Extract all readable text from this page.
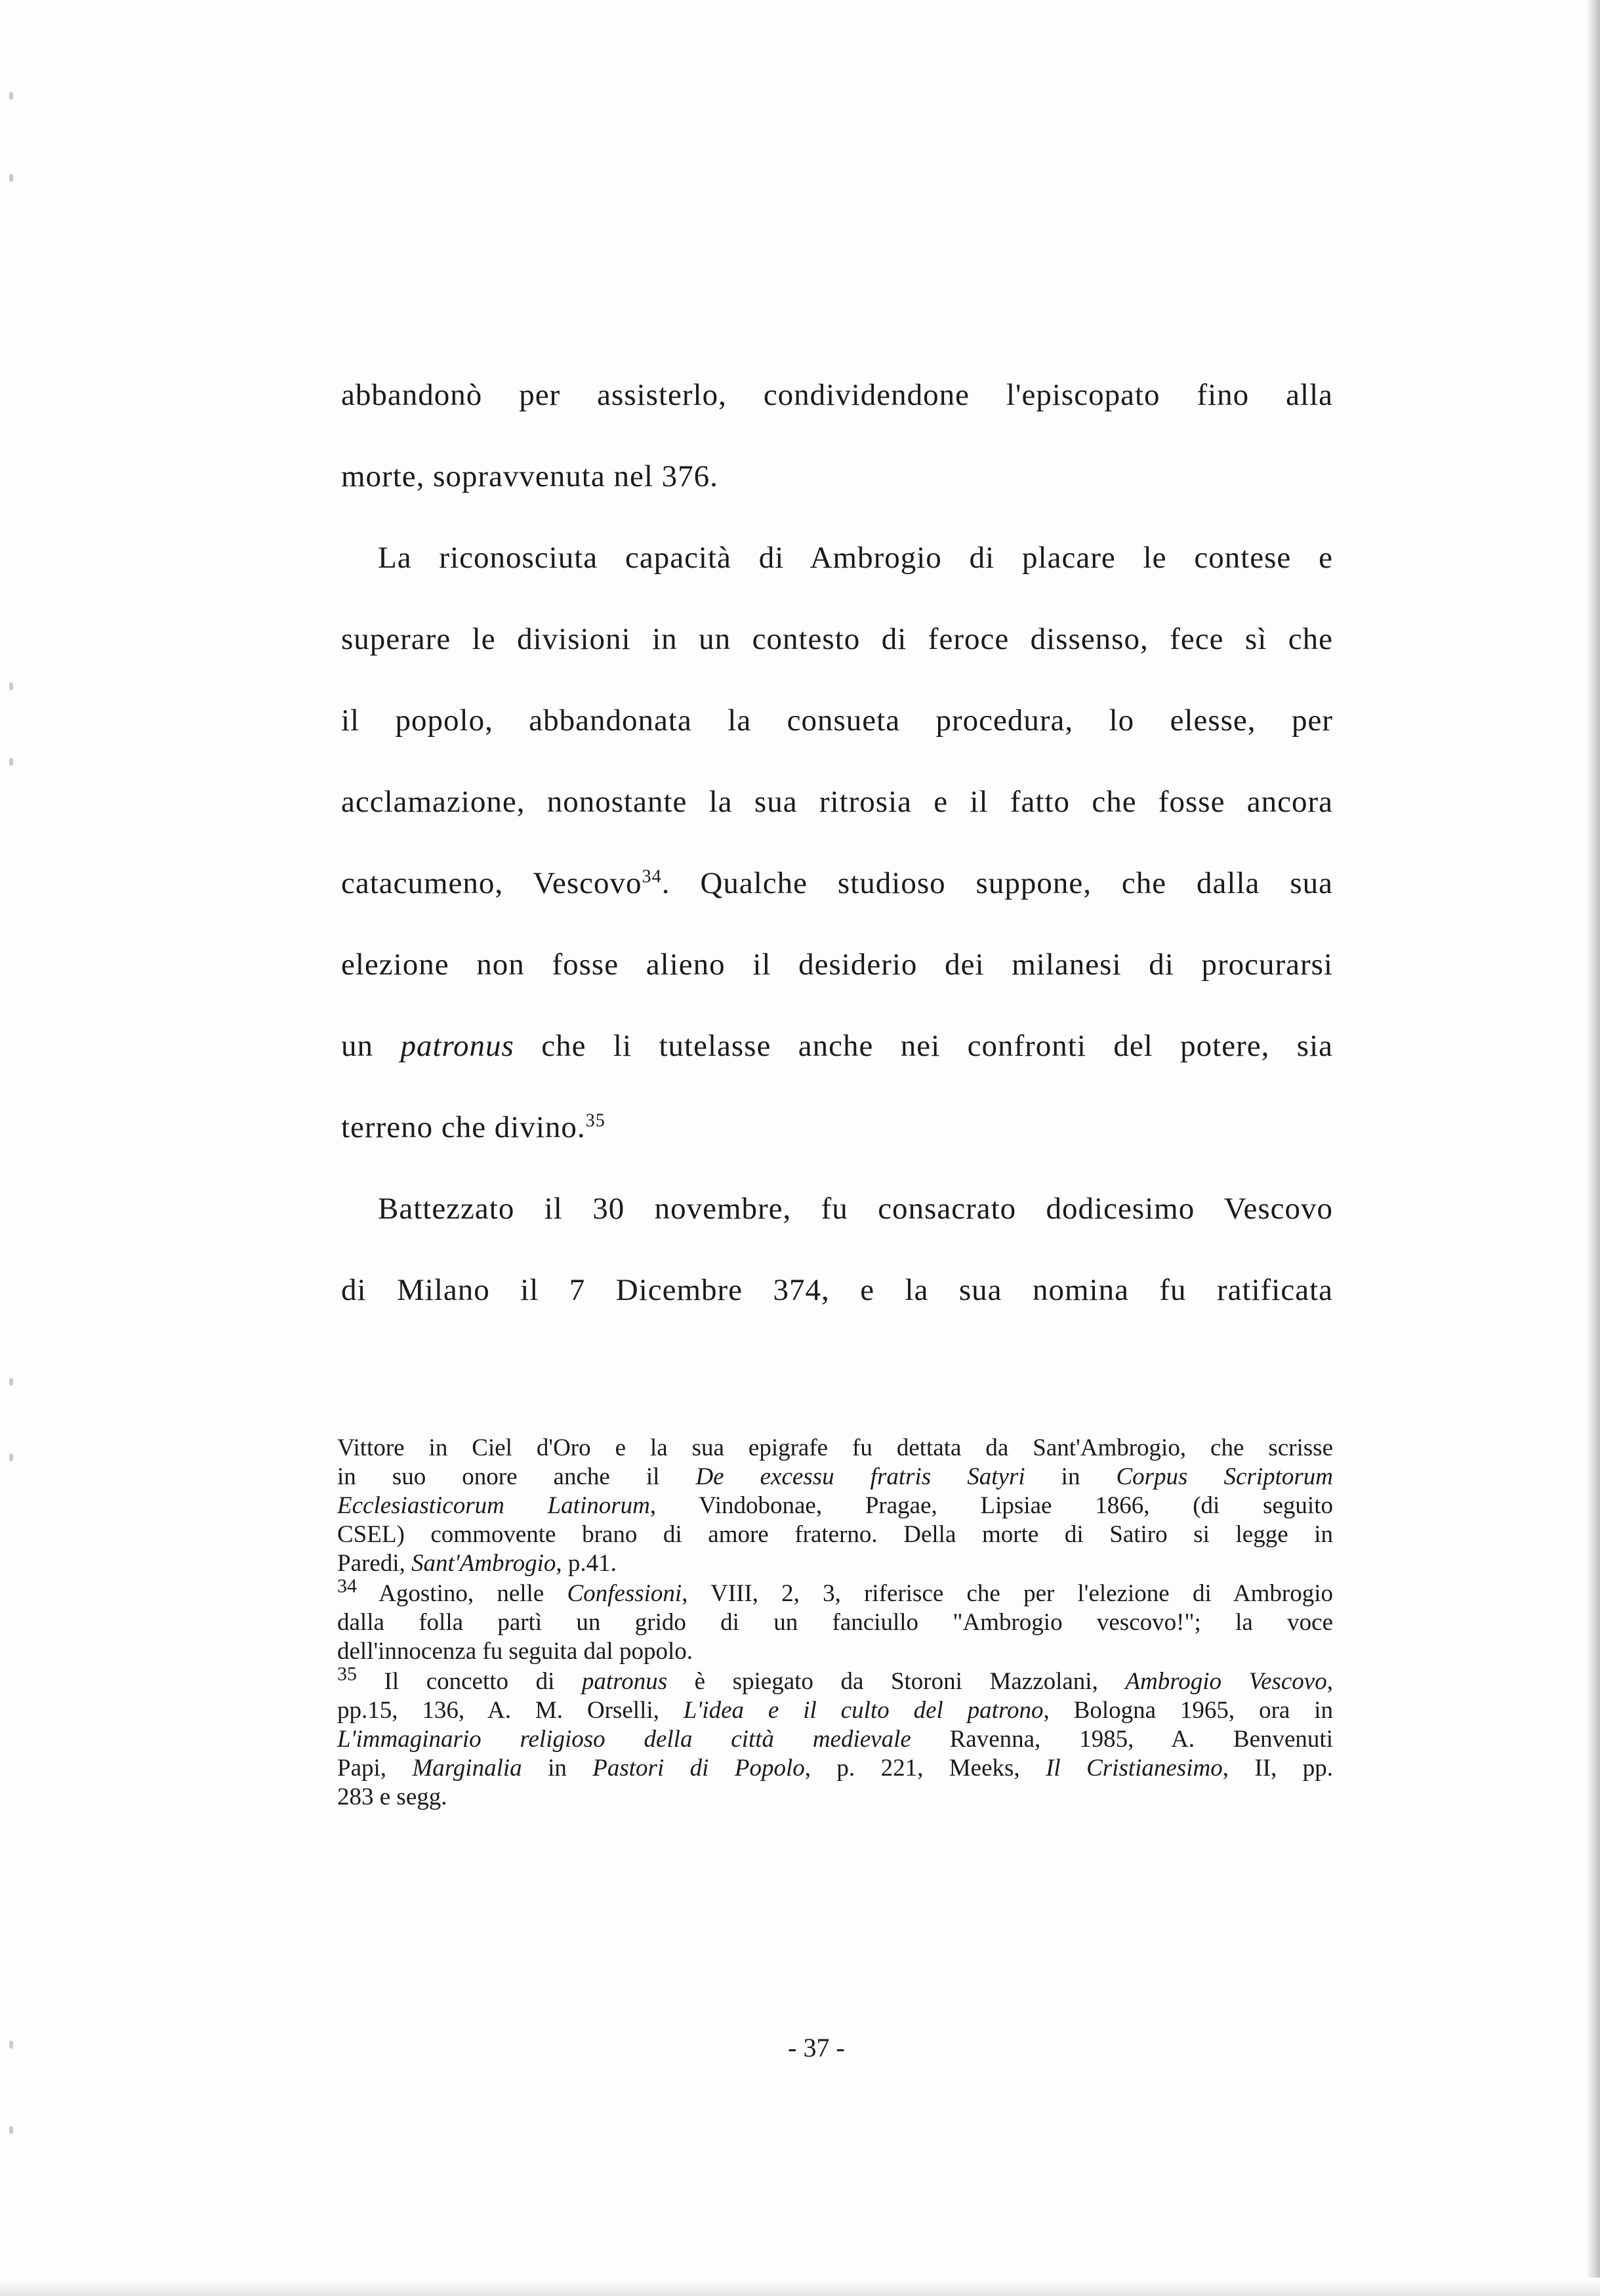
abbandonò per assisterlo, condividendone l'episcopato fino alla
morte, sopravvenuta nel 376.
La riconosciuta capacità di Ambrogio di placare le contese e
superare le divisioni in un contesto di feroce dissenso, fece sì che
il popolo, abbandonata la consueta procedura, lo elesse, per
acclamazione, nonostante la sua ritrosia e il fatto che fosse ancora
catacumeno, Vescovo$^{34}$. Qualche studioso suppone, che dalla sua
elezione non fosse alieno il desiderio dei milanesi di procurarsi
un patronus che li tutelasse anche nei confronti del potere, sia
terreno che divino.$^{35}$
Battezzato il 30 novembre, fu consacrato dodicesimo Vescovo
di Milano il 7 Dicembre 374, e la sua nomina fu ratificata
Vittore in Ciel d'Oro e la sua epigrafe fu dettata da Sant'Ambrogio, che scrisse
in suo onore anche il De excessu fratris Satyri in Corpus Scriptorum
Ecclesiasticorum Latinorum, Vindobonae, Pragae, Lipsiae 1866, (di seguito
CSEL) commovente brano di amore fraterno. Della morte di Satiro si legge in
Paredi, Sant'Ambrogio, p.41.
$^{34}$ Agostino, nelle Confessioni, VIII, 2, 3, riferisce che per l'elezione di Ambrogio
dalla folla partì un grido di un fanciullo "Ambrogio vescovo!"; la voce
dell'innocenza fu seguita dal popolo.
$^{35}$ Il concetto di patronus è spiegato da Storoni Mazzolani, Ambrogio Vescovo,
pp.15, 136, A. M. Orselli, L'idea e il culto del patrono, Bologna 1965, ora in
L'immaginario religioso della città medievale Ravenna, 1985, A. Benvenuti
Papi, Marginalia in Pastori di Popolo, p. 221, Meeks, Il Cristianesimo, II, pp.
283 e segg.
- 37 -
